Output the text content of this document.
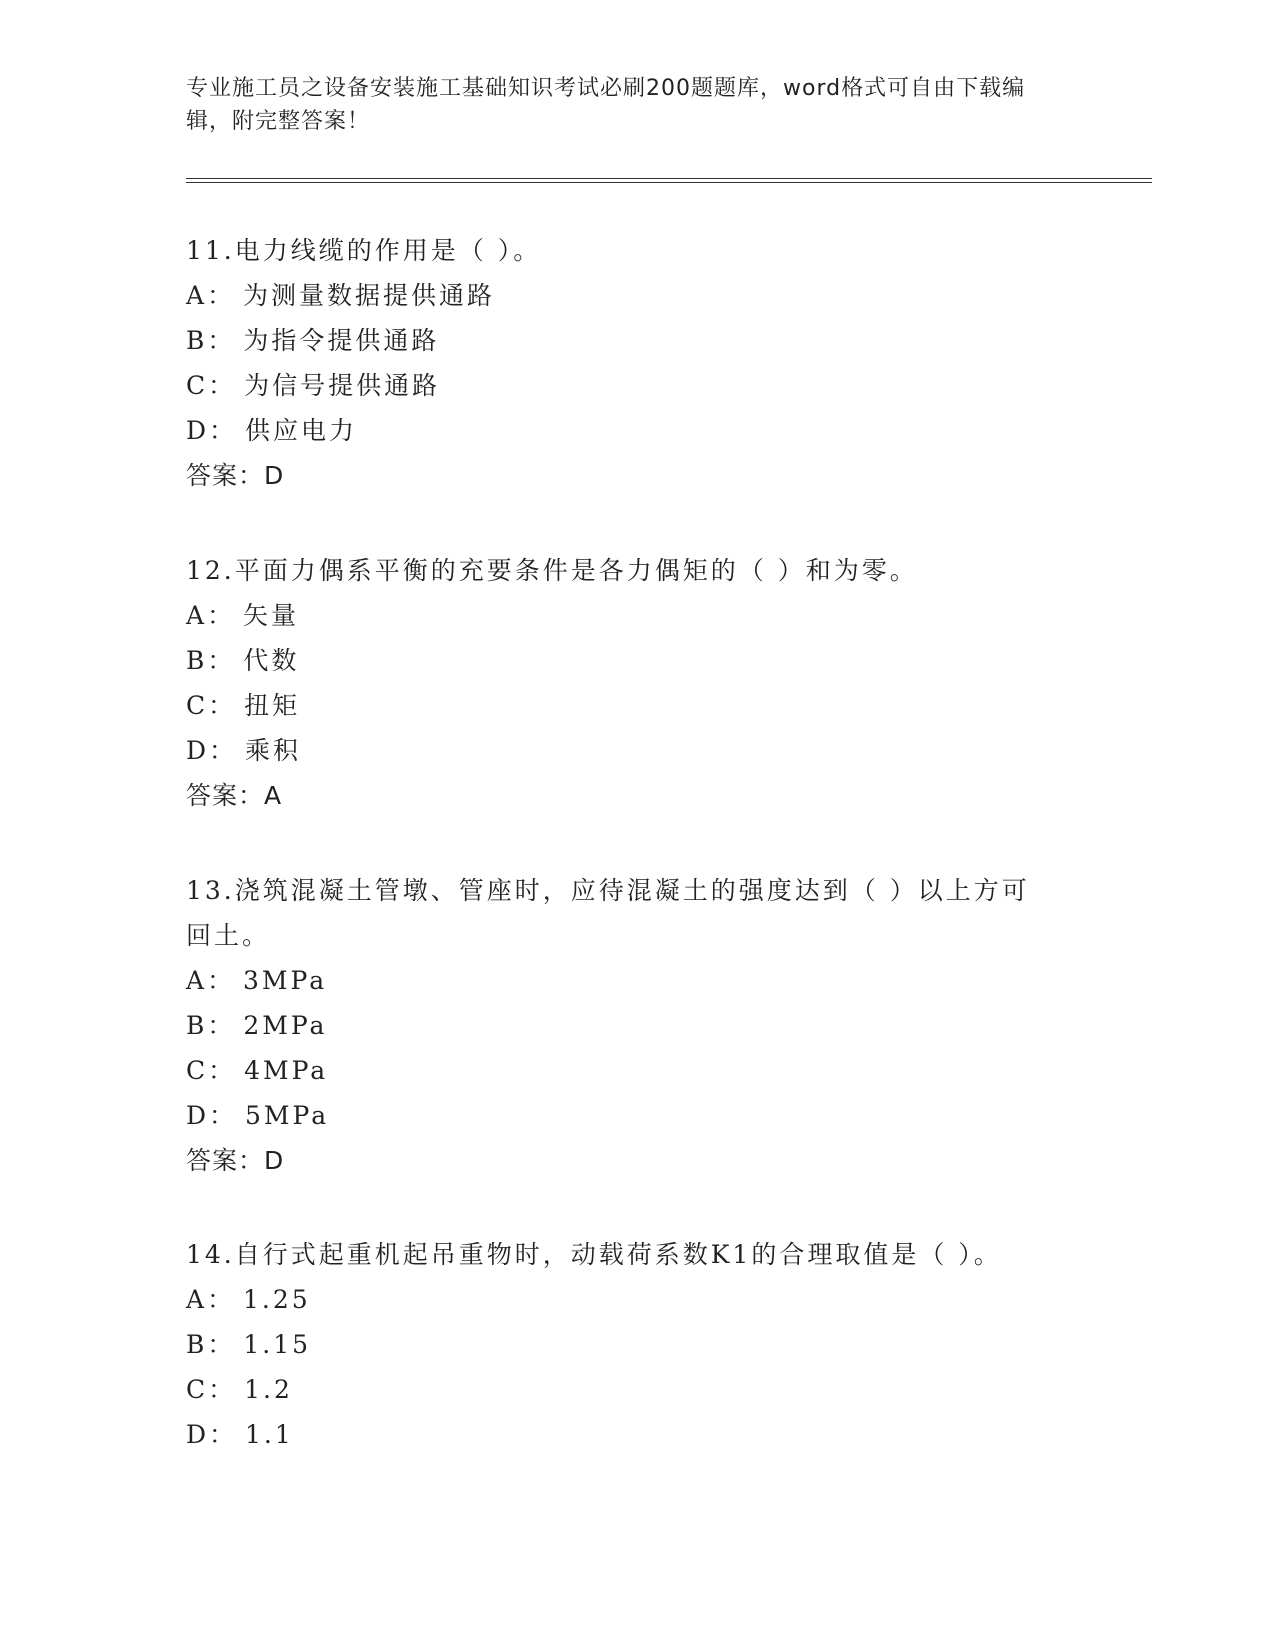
专业施工员之设备安装施工基础知识考试必刷200题题库，word格式可自由下载编辑，附完整答案！
11.电力线缆的作用是（ ）。
A： 为测量数据提供通路
B： 为指令提供通路
C： 为信号提供通路
D： 供应电力
答案：D
12.平面力偶系平衡的充要条件是各力偶矩的（ ）和为零。
A： 矢量
B： 代数
C： 扭矩
D： 乘积
答案：A
13.浇筑混凝土管墩、管座时，应待混凝土的强度达到（ ）以上方可
回土。
A： 3MPa
B： 2MPa
C： 4MPa
D： 5MPa
答案：D
14.自行式起重机起吊重物时，动载荷系数K1的合理取值是（ ）。
A： 1.25
B： 1.15
C： 1.2
D： 1.1
